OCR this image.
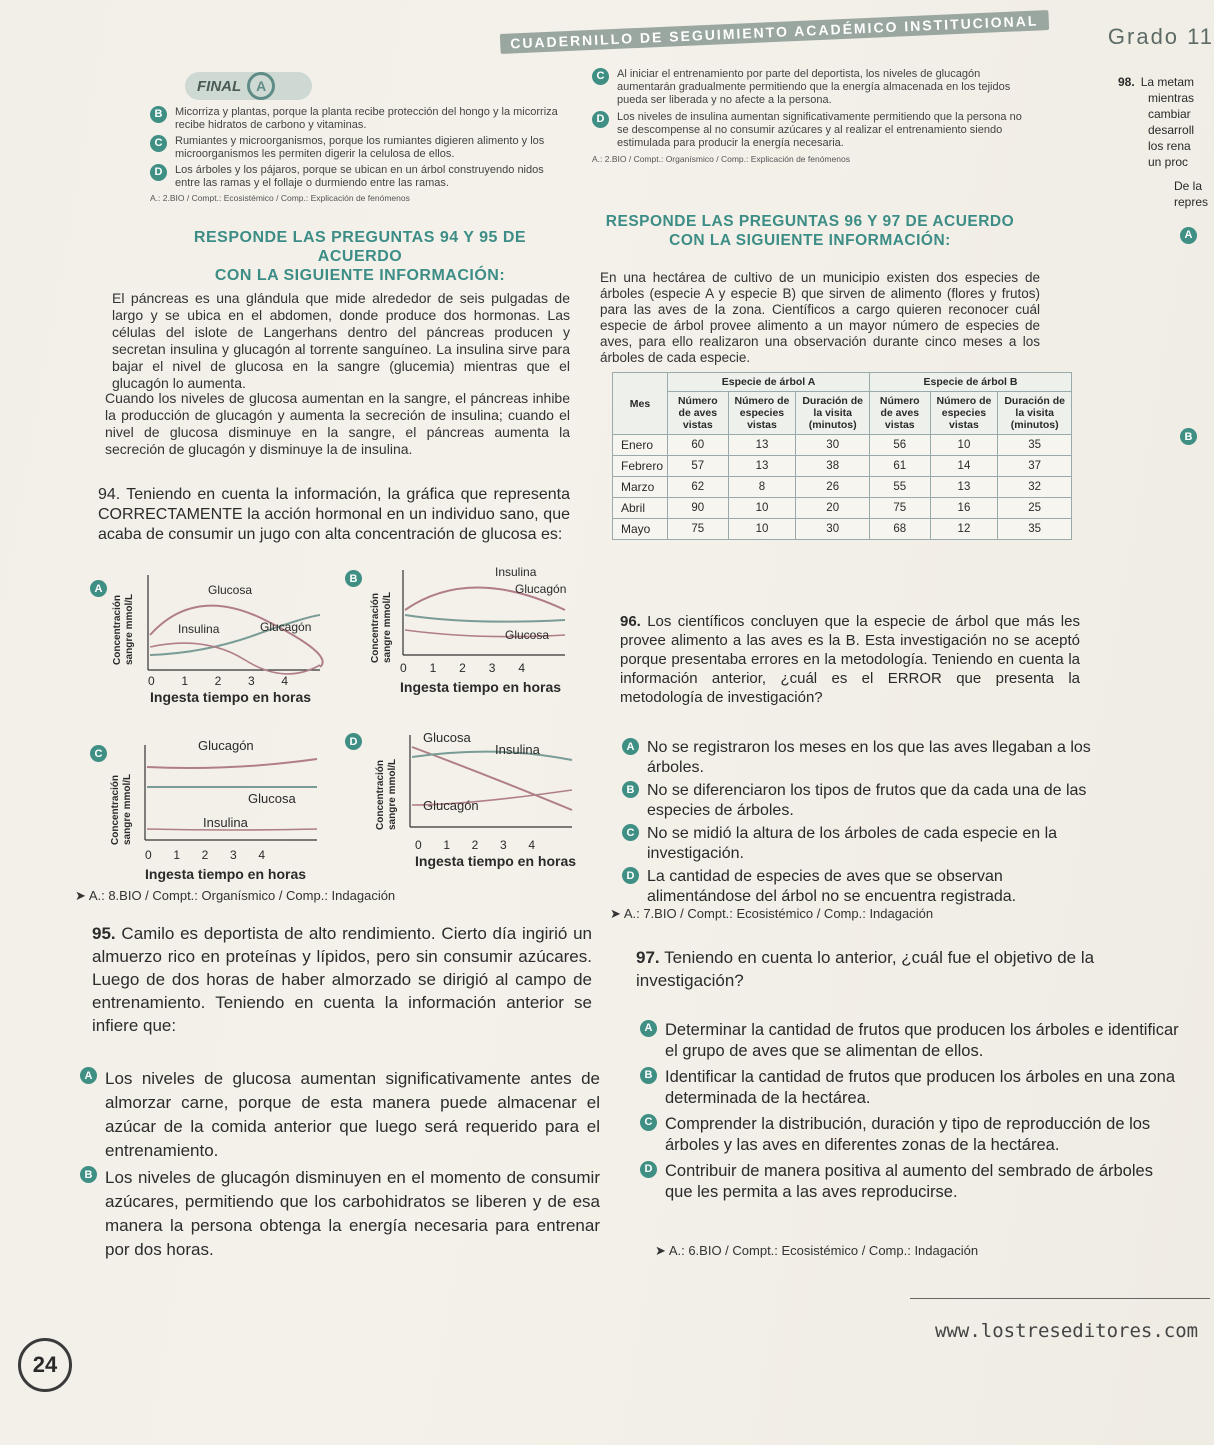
CUADERNILLO DE SEGUIMIENTO ACADÉMICO INSTITUCIONAL	Grado 11
FINAL	A
B	Micorriza y plantas, porque la planta recibe protección del hongo y la micorriza recibe hidratos de carbono y vitaminas.
C	Rumiantes y microorganismos, porque los rumiantes digieren alimento y los microorganismos les permiten digerir la celulosa de ellos.
D	Los árboles y los pájaros, porque se ubican en un árbol construyendo nidos entre las ramas y el follaje o durmiendo entre las ramas.
A.: 2.BIO / Compt.: Ecosistémico / Comp.: Explicación de fenómenos
C	Al iniciar el entrenamiento por parte del deportista, los niveles de glucagón aumentarán gradualmente permitiendo que la energía almacenada en los tejidos pueda ser liberada y no afecte a la persona.
D	Los niveles de insulina aumentan significativamente permitiendo que la persona no se descompense al no consumir azúcares y al realizar el entrenamiento siendo estimulada para producir la energía necesaria.
A.: 2.BIO / Compt.: Organísmico / Comp.: Explicación de fenómenos
98. La metam
mientras
cambiar
desarroll
los rena
un proc
De la
repres
A
B
RESPONDE LAS PREGUNTAS 94 Y 95 DE ACUERDO
CON LA SIGUIENTE INFORMACIÓN:
El páncreas es una glándula que mide alrededor de seis pulgadas de largo y se ubica en el abdomen, donde produce dos hormonas. Las células del islote de Langerhans dentro del páncreas producen y secretan insulina y glucagón al torrente sanguíneo. La insulina sirve para bajar el nivel de glucosa en la sangre (glucemia) mientras que el glucagón lo aumenta.
Cuando los niveles de glucosa aumentan en la sangre, el páncreas inhibe la producción de glucagón y aumenta la secreción de insulina; cuando el nivel de glucosa disminuye en la sangre, el páncreas aumenta la secreción de glucagón y disminuye la de insulina.
94. Teniendo en cuenta la información, la gráfica que representa CORRECTAMENTE la acción hormonal en un individuo sano, que acaba de consumir un jugo con alta concentración de glucosa es:
A
Concentración sangre mmol/L
Glucosa
Insulina	Glucagón
0 1 2 3 4
Ingesta tiempo en horas
B
Concentración sangre mmol/L
Insulina
Glucagón
Glucosa
0 1 2 3 4
Ingesta tiempo en horas
C
Concentración sangre mmol/L
Glucagón
Glucosa
Insulina
0 1 2 3 4
Ingesta tiempo en horas
D
Concentración sangre mmol/L
Glucosa
Insulina
Glucagón
0 1 2 3 4
Ingesta tiempo en horas
➤ A.: 8.BIO / Compt.: Organísmico / Comp.: Indagación
95. Camilo es deportista de alto rendimiento. Cierto día ingirió un almuerzo rico en proteínas y lípidos, pero sin consumir azúcares. Luego de dos horas de haber almorzado se dirigió al campo de entrenamiento. Teniendo en cuenta la información anterior se infiere que:
A Los niveles de glucosa aumentan significativamente antes de almorzar carne, porque de esta manera puede almacenar el azúcar de la comida anterior que luego será requerido para el entrenamiento.
B Los niveles de glucagón disminuyen en el momento de consumir azúcares, permitiendo que los carbohidratos se liberen y de esa manera la persona obtenga la energía necesaria para entrenar por dos horas.
RESPONDE LAS PREGUNTAS 96 Y 97 DE ACUERDO
CON LA SIGUIENTE INFORMACIÓN:
En una hectárea de cultivo de un municipio existen dos especies de árboles (especie A y especie B) que sirven de alimento (flores y frutos) para las aves de la zona. Científicos a cargo quieren reconocer cuál especie de árbol provee alimento a un mayor número de especies de aves, para ello realizaron una observación durante cinco meses a los árboles de cada especie.
Mes	Especie de árbol A			Especie de árbol B		
	Número de aves vistas	Número de especies vistas	Duración de la visita (minutos)	Número de aves vistas	Número de especies vistas	Duración de la visita (minutos)
Enero	60	13	30	56	10	35
Febrero	57	13	38	61	14	37
Marzo	62	8	26	55	13	32
Abril	90	10	20	75	16	25
Mayo	75	10	30	68	12	35
96. Los científicos concluyen que la especie de árbol que más les provee alimento a las aves es la B. Esta investigación no se aceptó porque presentaba errores en la metodología. Teniendo en cuenta la información anterior, ¿cuál es el ERROR que presenta la metodología de investigación?
A No se registraron los meses en los que las aves llegaban a los árboles.
B No se diferenciaron los tipos de frutos que da cada una de las especies de árboles.
C No se midió la altura de los árboles de cada especie en la investigación.
D La cantidad de especies de aves que se observan alimentándose del árbol no se encuentra registrada.
➤ A.: 7.BIO / Compt.: Ecosistémico / Comp.: Indagación
97. Teniendo en cuenta lo anterior, ¿cuál fue el objetivo de la investigación?
A Determinar la cantidad de frutos que producen los árboles e identificar el grupo de aves que se alimentan de ellos.
B Identificar la cantidad de frutos que producen los árboles en una zona determinada de la hectárea.
C Comprender la distribución, duración y tipo de reproducción de los árboles y las aves en diferentes zonas de la hectárea.
D Contribuir de manera positiva al aumento del sembrado de árboles que les permita a las aves reproducirse.
➤ A.: 6.BIO / Compt.: Ecosistémico / Comp.: Indagación
24
www.lostreseditores.com
